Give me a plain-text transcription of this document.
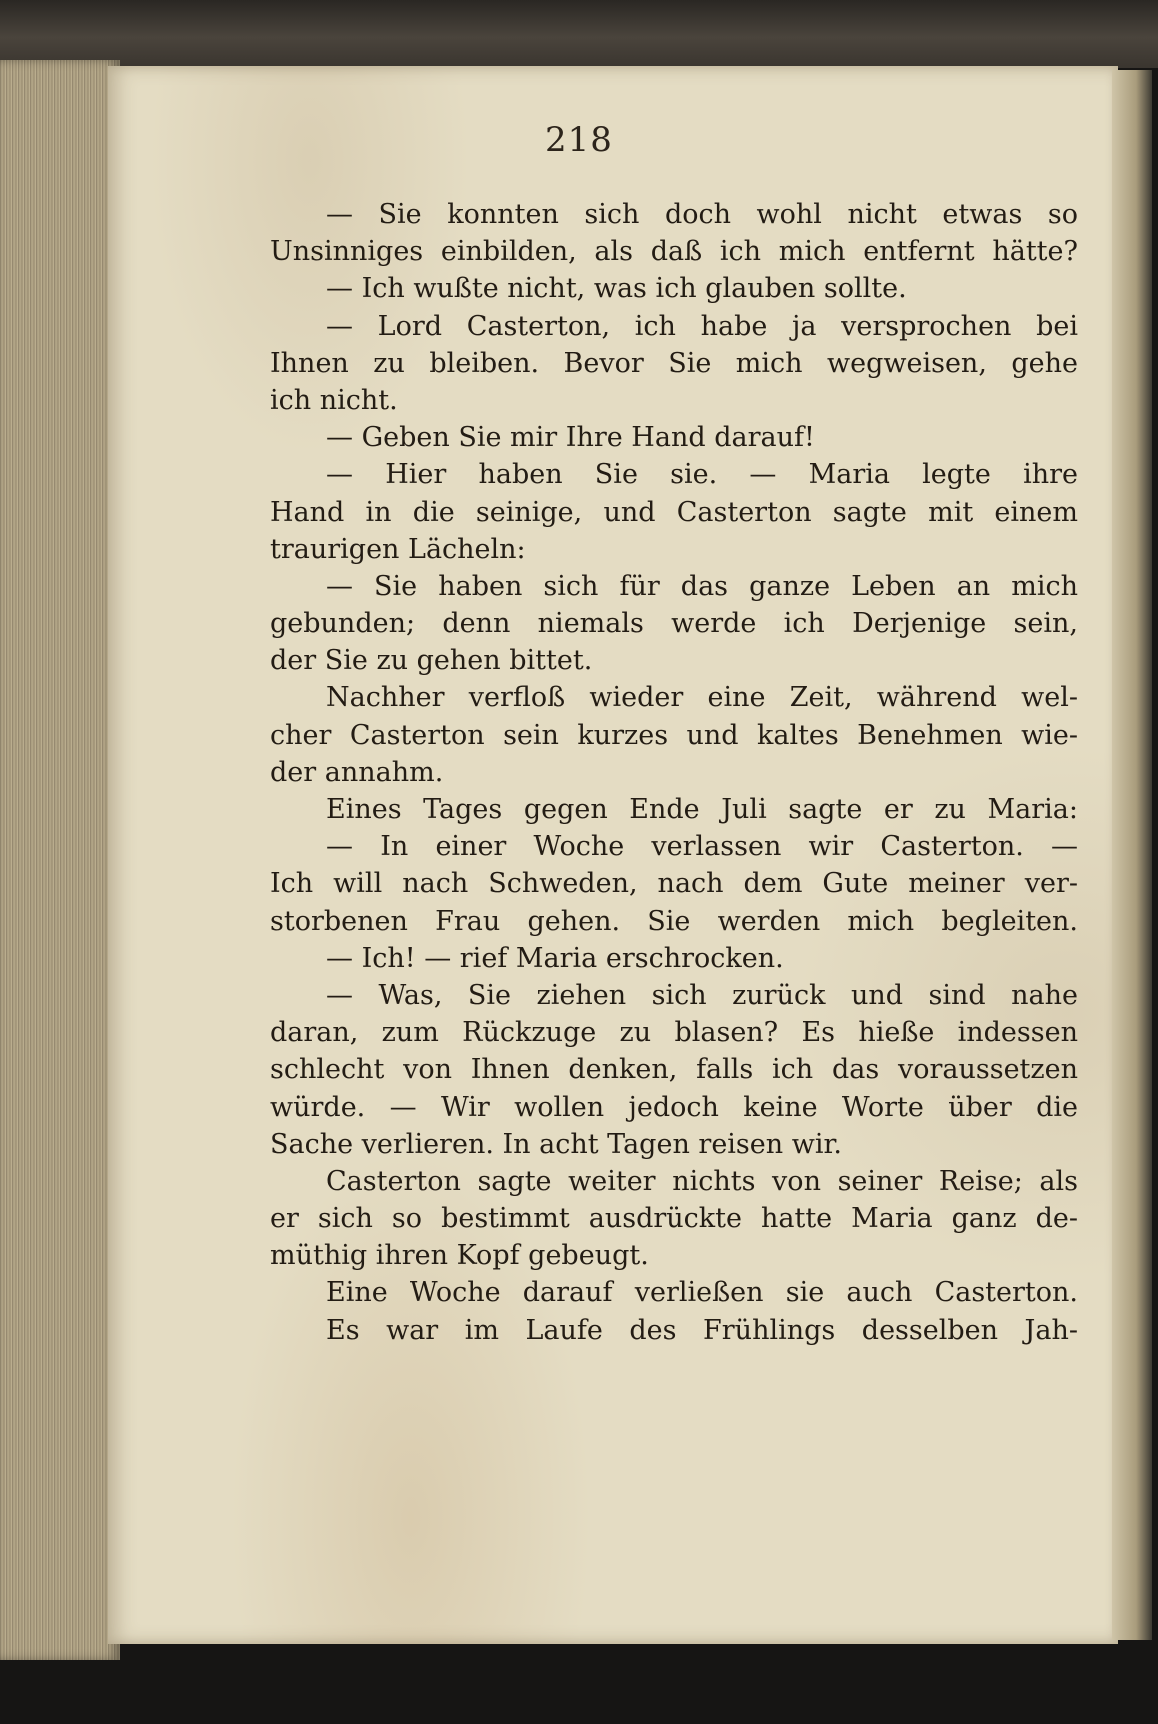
218
— Sie konnten sich doch wohl nicht etwas so
Unsinniges einbilden, als daß ich mich entfernt hätte?
— Ich wußte nicht, was ich glauben sollte.
— Lord Casterton, ich habe ja versprochen bei
Ihnen zu bleiben. Bevor Sie mich wegweisen, gehe
ich nicht.
— Geben Sie mir Ihre Hand darauf!
— Hier haben Sie sie. — Maria legte ihre
Hand in die seinige, und Casterton sagte mit einem
traurigen Lächeln:
— Sie haben sich für das ganze Leben an mich
gebunden; denn niemals werde ich Derjenige sein,
der Sie zu gehen bittet.
Nachher verfloß wieder eine Zeit, während wel-
cher Casterton sein kurzes und kaltes Benehmen wie-
der annahm.
Eines Tages gegen Ende Juli sagte er zu Maria:
— In einer Woche verlassen wir Casterton. —
Ich will nach Schweden, nach dem Gute meiner ver-
storbenen Frau gehen. Sie werden mich begleiten.
— Ich! — rief Maria erschrocken.
— Was, Sie ziehen sich zurück und sind nahe
daran, zum Rückzuge zu blasen? Es hieße indessen
schlecht von Ihnen denken, falls ich das voraussetzen
würde. — Wir wollen jedoch keine Worte über die
Sache verlieren. In acht Tagen reisen wir.
Casterton sagte weiter nichts von seiner Reise; als
er sich so bestimmt ausdrückte hatte Maria ganz de-
müthig ihren Kopf gebeugt.
Eine Woche darauf verließen sie auch Casterton.
Es war im Laufe des Frühlings desselben Jah-
